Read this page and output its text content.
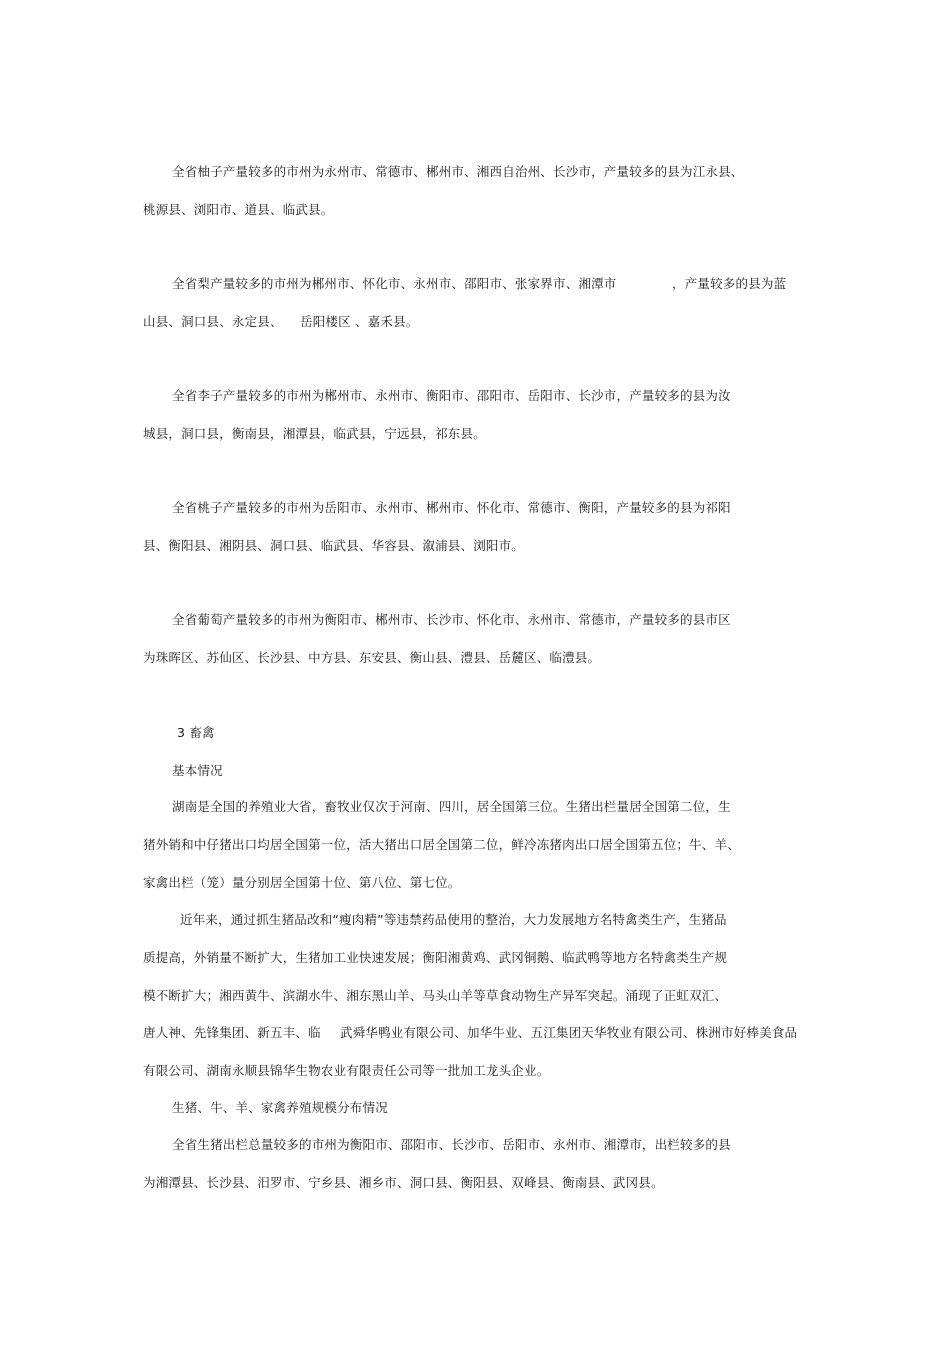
全省柚子产量较多的市州为永州市、常德市、郴州市、湘西自治州、长沙市，产量较多的县为江永县、
桃源县、浏阳市、道县、临武县。
全省梨产量较多的市州为郴州市、怀化市、永州市、邵阳市、张家界市、湘潭市	，产量较多的县为蓝
山县、洞口县、永定县、 岳阳楼区 、嘉禾县。
全省李子产量较多的市州为郴州市、永州市、衡阳市、邵阳市、岳阳市、长沙市，产量较多的县为汝
城县，洞口县，衡南县，湘潭县，临武县，宁远县，祁东县。
全省桃子产量较多的市州为岳阳市、永州市、郴州市、怀化市、常德市、衡阳，产量较多的县为祁阳
县、衡阳县、湘阴县、洞口县、临武县、华容县、溆浦县、浏阳市。
全省葡萄产量较多的市州为衡阳市、郴州市、长沙市、怀化市、永州市、常德市，产量较多的县市区
为珠晖区、苏仙区、长沙县、中方县、东安县、衡山县、澧县、岳麓区、临澧县。
3 畜禽
基本情况
湖南是全国的养殖业大省，畜牧业仅次于河南、四川，居全国第三位。生猪出栏量居全国第二位，生
猪外销和中仔猪出口均居全国第一位，活大猪出口居全国第二位，鲜冷冻猪肉出口居全国第五位；牛、羊、
家禽出栏（笼）量分别居全国第十位、第八位、第七位。
近年来，通过抓生猪品改和“瘦肉精”等违禁药品使用的整治，大力发展地方名特禽类生产，生猪品
质提高，外销量不断扩大，生猪加工业快速发展；衡阳湘黄鸡、武冈铜鹅、临武鸭等地方名特禽类生产规
模不断扩大；湘西黄牛、滨湖水牛、湘东黑山羊、马头山羊等草食动物生产异军突起。涌现了正虹双汇、
唐人神、先锋集团、新五丰、临 武舜华鸭业有限公司、加华牛业、五江集团天华牧业有限公司、株洲市好棒美食品
有限公司、湖南永顺县锦华生物农业有限责任公司等一批加工龙头企业。
生猪、牛、羊、家禽养殖规模分布情况
全省生猪出栏总量较多的市州为衡阳市、邵阳市、长沙市、岳阳市、永州市、湘潭市，出栏较多的县
为湘潭县、长沙县、汨罗市、宁乡县、湘乡市、洞口县、衡阳县、双峰县、衡南县、武冈县。
